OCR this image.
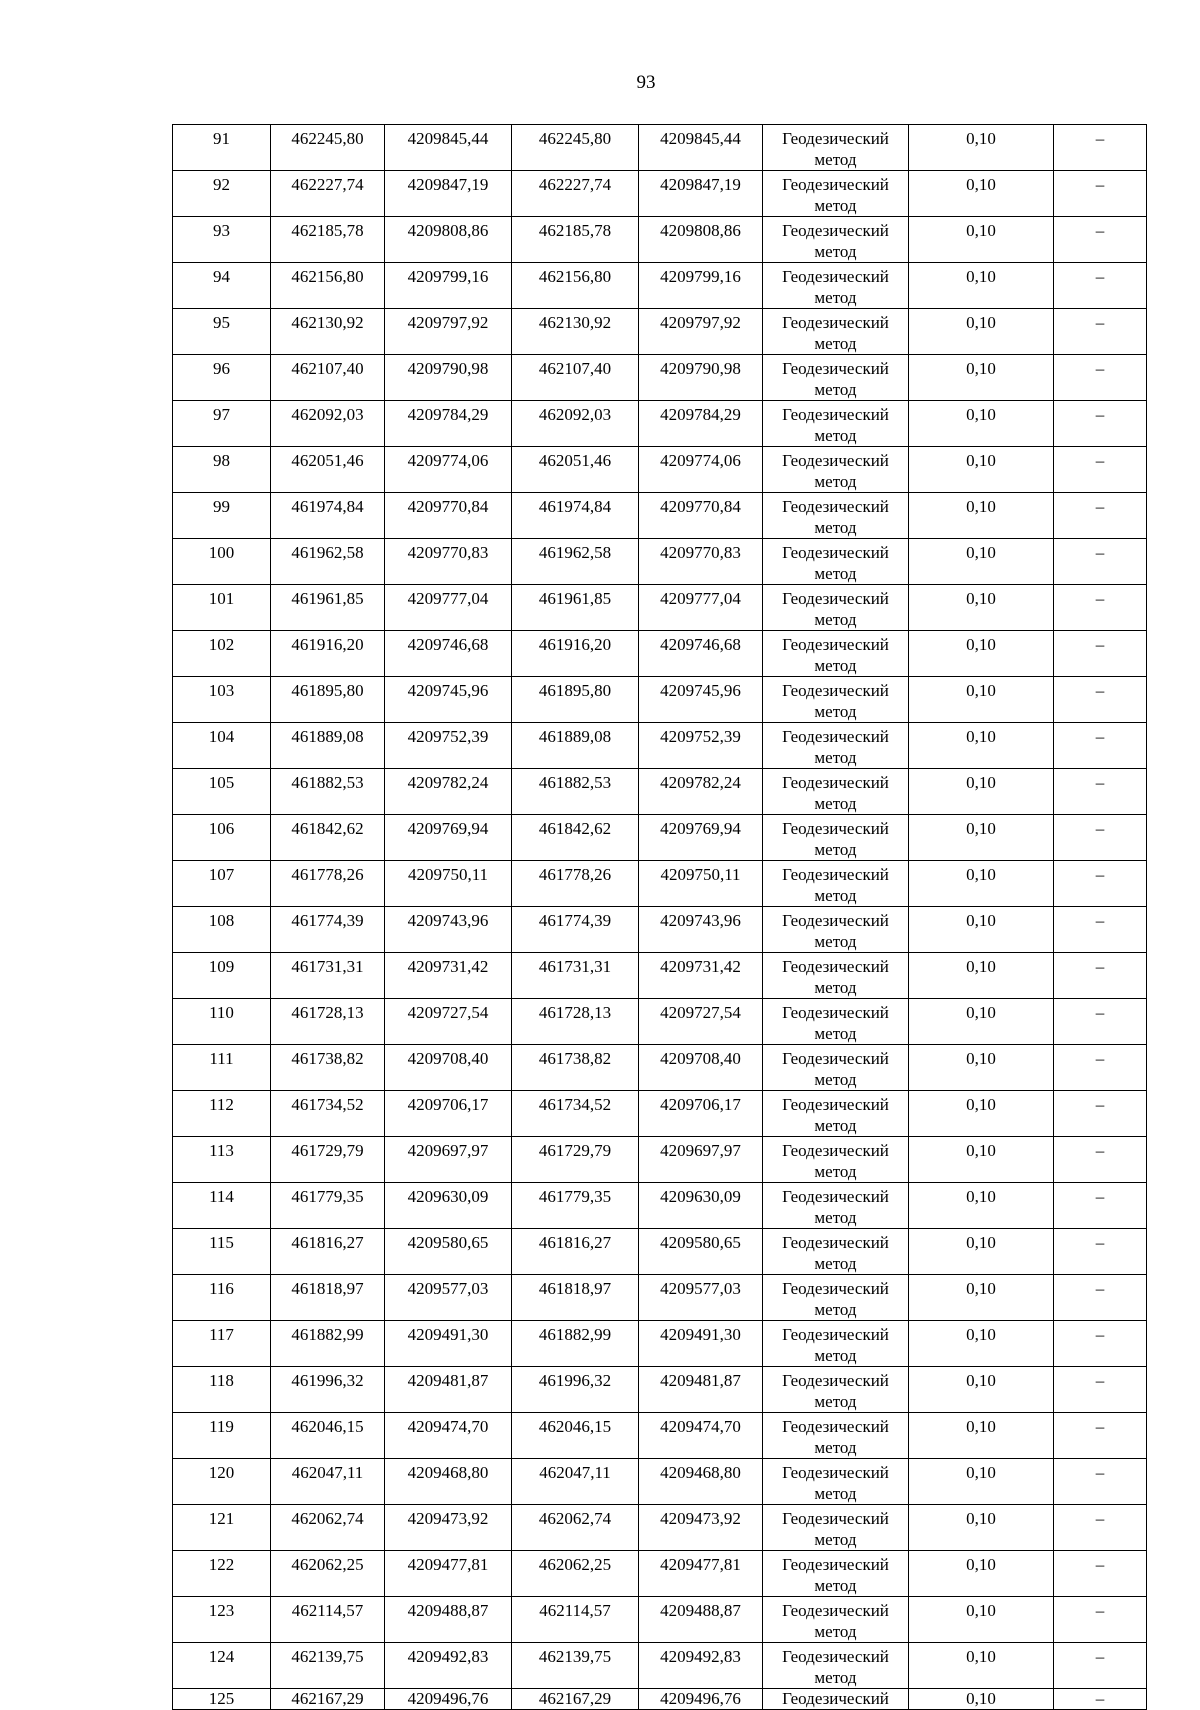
93
91	462245,80	4209845,44	462245,80	4209845,44	Геодезический метод	0,10	–

92	462227,74	4209847,19	462227,74	4209847,19	Геодезический метод	0,10	–

93	462185,78	4209808,86	462185,78	4209808,86	Геодезический метод	0,10	–

94	462156,80	4209799,16	462156,80	4209799,16	Геодезический метод	0,10	–

95	462130,92	4209797,92	462130,92	4209797,92	Геодезический метод	0,10	–

96	462107,40	4209790,98	462107,40	4209790,98	Геодезический метод	0,10	–

97	462092,03	4209784,29	462092,03	4209784,29	Геодезический метод	0,10	–

98	462051,46	4209774,06	462051,46	4209774,06	Геодезический метод	0,10	–

99	461974,84	4209770,84	461974,84	4209770,84	Геодезический метод	0,10	–

100	461962,58	4209770,83	461962,58	4209770,83	Геодезический метод	0,10	–

101	461961,85	4209777,04	461961,85	4209777,04	Геодезический метод	0,10	–

102	461916,20	4209746,68	461916,20	4209746,68	Геодезический метод	0,10	–

103	461895,80	4209745,96	461895,80	4209745,96	Геодезический метод	0,10	–

104	461889,08	4209752,39	461889,08	4209752,39	Геодезический метод	0,10	–

105	461882,53	4209782,24	461882,53	4209782,24	Геодезический метод	0,10	–

106	461842,62	4209769,94	461842,62	4209769,94	Геодезический метод	0,10	–

107	461778,26	4209750,11	461778,26	4209750,11	Геодезический метод	0,10	–

108	461774,39	4209743,96	461774,39	4209743,96	Геодезический метод	0,10	–

109	461731,31	4209731,42	461731,31	4209731,42	Геодезический метод	0,10	–

110	461728,13	4209727,54	461728,13	4209727,54	Геодезический метод	0,10	–

111	461738,82	4209708,40	461738,82	4209708,40	Геодезический метод	0,10	–

112	461734,52	4209706,17	461734,52	4209706,17	Геодезический метод	0,10	–

113	461729,79	4209697,97	461729,79	4209697,97	Геодезический метод	0,10	–

114	461779,35	4209630,09	461779,35	4209630,09	Геодезический метод	0,10	–

115	461816,27	4209580,65	461816,27	4209580,65	Геодезический метод	0,10	–

116	461818,97	4209577,03	461818,97	4209577,03	Геодезический метод	0,10	–

117	461882,99	4209491,30	461882,99	4209491,30	Геодезический метод	0,10	–

118	461996,32	4209481,87	461996,32	4209481,87	Геодезический метод	0,10	–

119	462046,15	4209474,70	462046,15	4209474,70	Геодезический метод	0,10	–

120	462047,11	4209468,80	462047,11	4209468,80	Геодезический метод	0,10	–

121	462062,74	4209473,92	462062,74	4209473,92	Геодезический метод	0,10	–

122	462062,25	4209477,81	462062,25	4209477,81	Геодезический метод	0,10	–

123	462114,57	4209488,87	462114,57	4209488,87	Геодезический метод	0,10	–

124	462139,75	4209492,83	462139,75	4209492,83	Геодезический метод	0,10	–

125	462167,29	4209496,76	462167,29	4209496,76	Геодезический	0,10	–
